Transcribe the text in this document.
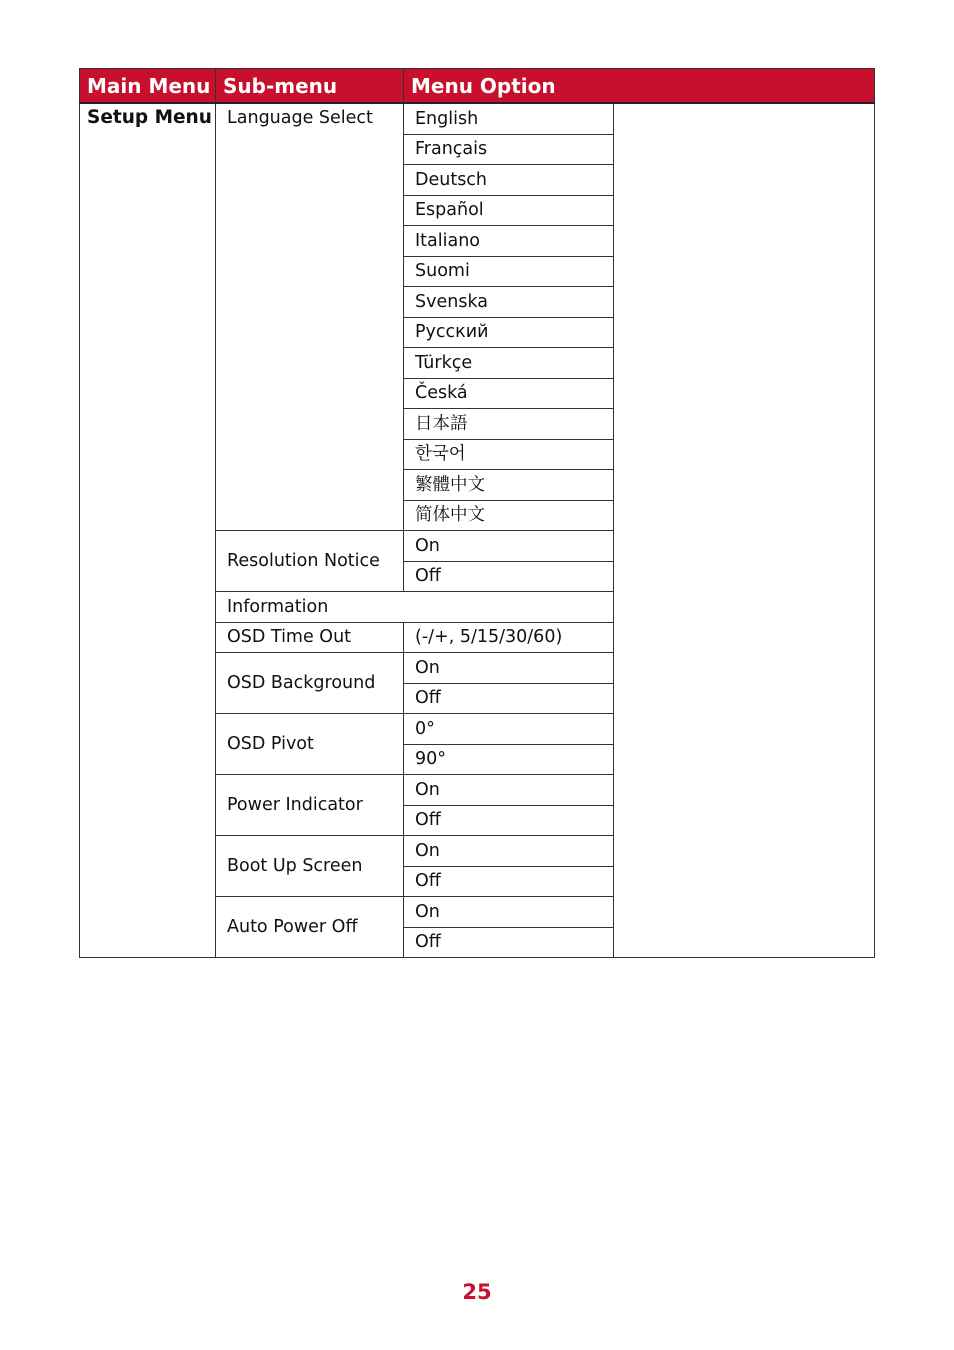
Main Menu	Sub-menu	Menu Option	
Setup Menu	Language Select	English	
		Français	
		Deutsch	
		Español	
		Italiano	
		Suomi	
		Svenska	
		Русский	
		Türkçe	
		Česká	
		日本語	
		한국어	
		繁體中文	
		简体中文	
	Resolution Notice	On	
		Off	
	Information		
	OSD Time Out	(-/+, 5/15/30/60)	
	OSD Background	On	
		Off	
	OSD Pivot	0°	
		90°	
	Power Indicator	On	
		Off	
	Boot Up Screen	On	
		Off	
	Auto Power Off	On	
		Off	
25
